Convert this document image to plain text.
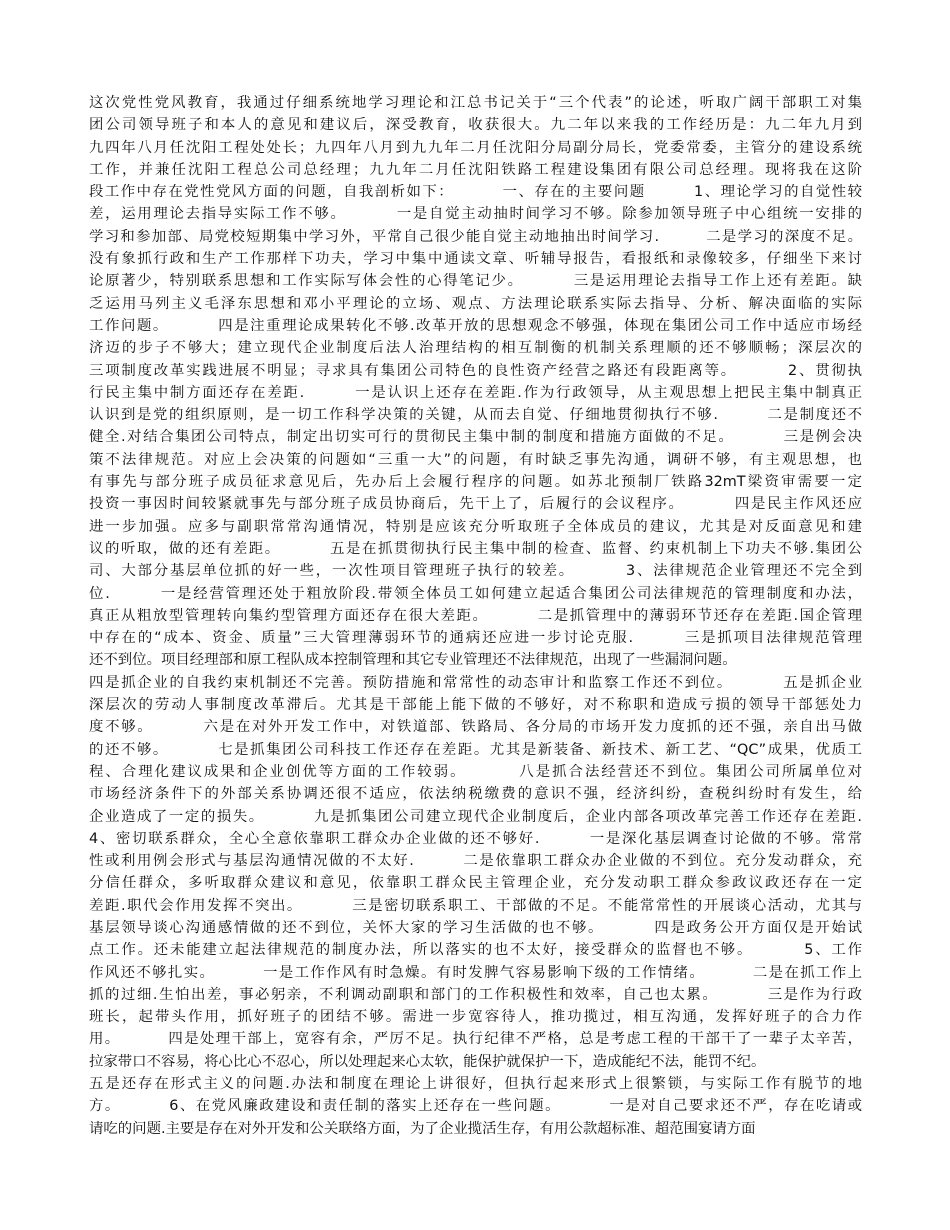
这次党性党风教育，我通过仔细系统地学习理论和江总书记关于“三个代表”的论述，听取广阔干部职工对集
团公司领导班子和本人的意见和建议后，深受教育，收获很大。九二年以来我的工作经历是：九二年九月到
九四年八月任沈阳工程处处长；九四年八月到九九年二月任沈阳分局副分局长，党委常委，主管分的建设系统
工作，并兼任沈阳工程总公司总经理；九九年二月任沈阳铁路工程建设集团有限公司总经理。现将我在这阶
段工作中存在党性党风方面的问题，自我剖析如下：        一、存在的主要问题        1、理论学习的自觉性较
差，运用理论去指导实际工作不够。        一是自觉主动抽时间学习不够。除参加领导班子中心组统一安排的
学习和参加部、局党校短期集中学习外，平常自己很少能自觉主动地抽出时间学习.        二是学习的深度不足。
没有象抓行政和生产工作那样下功夫，学习中集中通读文章、听辅导报告，看报纸和录像较多，仔细坐下来讨
论原著少，特别联系思想和工作实际写体会性的心得笔记少。        三是运用理论去指导工作上还有差距。缺
乏运用马列主义毛泽东思想和邓小平理论的立场、观点、方法理论联系实际去指导、分析、解决面临的实际
工作问题。        四是注重理论成果转化不够.改革开放的思想观念不够强，体现在集团公司工作中适应市场经
济迈的步子不够大；建立现代企业制度后法人治理结构的相互制衡的机制关系理顺的还不够顺畅；深层次的
三项制度改革实践进展不明显；寻求具有集团公司特色的良性资产经营之路还有段距离等。        2、贯彻执
行民主集中制方面还存在差距.        一是认识上还存在差距.作为行政领导，从主观思想上把民主集中制真正
认识到是党的组织原则，是一切工作科学决策的关键，从而去自觉、仔细地贯彻执行不够.        二是制度还不
健全.对结合集团公司特点，制定出切实可行的贯彻民主集中制的制度和措施方面做的不足。        三是例会决
策不法律规范。对应上会决策的问题如“三重一大”的问题，有时缺乏事先沟通，调研不够，有主观思想，也
有事先与部分班子成员征求意见后，先办后上会履行程序的问题。如苏北预制厂铁路32mT梁资审需要一定
投资一事因时间较紧就事先与部分班子成员协商后，先干上了，后履行的会议程序。        四是民主作风还应
进一步加强。应多与副职常常沟通情况，特别是应该充分听取班子全体成员的建议，尤其是对反面意见和建
议的听取，做的还有差距。        五是在抓贯彻执行民主集中制的检查、监督、约束机制上下功夫不够.集团公
司、大部分基层单位抓的好一些，一次性项目管理班子执行的较差。        3、法律规范企业管理还不完全到
位.        一是经营管理还处于粗放阶段.带领全体员工如何建立起适合集团公司法律规范的管理制度和办法，
真正从粗放型管理转向集约型管理方面还存在很大差距。        二是抓管理中的薄弱环节还存在差距.国企管理
中存在的“成本、资金、质量”三大管理薄弱环节的通病还应进一步讨论克服.        三是抓项目法律规范管理
还不到位。项目经理部和原工程队成本控制管理和其它专业管理还不法律规范，出现了一些漏洞问题。
四是抓企业的自我约束机制还不完善。预防措施和常常性的动态审计和监察工作还不到位。        五是抓企业
深层次的劳动人事制度改革滞后。尤其是干部能上能下做的不够好，对不称职和造成亏损的领导干部惩处力
度不够。        六是在对外开发工作中，对铁道部、铁路局、各分局的市场开发力度抓的还不强，亲自出马做
的还不够。        七是抓集团公司科技工作还存在差距。尤其是新装备、新技术、新工艺、“QC”成果，优质工
程、合理化建议成果和企业创优等方面的工作较弱。        八是抓合法经营还不到位。集团公司所属单位对
市场经济条件下的外部关系协调还很不适应，依法纳税缴费的意识不强，经济纠纷，查税纠纷时有发生，给
企业造成了一定的损失。        九是抓集团公司建立现代企业制度后，企业内部各项改革完善工作还存在差距.
4、密切联系群众，全心全意依靠职工群众办企业做的还不够好.        一是深化基层调查讨论做的不够。常常
性或利用例会形式与基层沟通情况做的不太好.        二是依靠职工群众办企业做的不到位。充分发动群众，充
分信任群众，多听取群众建议和意见，依靠职工群众民主管理企业，充分发动职工群众参政议政还存在一定
差距.职代会作用发挥不突出。        三是密切联系职工、干部做的不足。不能常常性的开展谈心活动，尤其与
基层领导谈心沟通感情做的还不到位，关怀大家的学习生活做的也不够。        四是政务公开方面仅是开始试
点工作。还未能建立起法律规范的制度办法，所以落实的也不太好，接受群众的监督也不够。        5、工作
作风还不够扎实。        一是工作作风有时急燥。有时发脾气容易影响下级的工作情绪。        二是在抓工作上
抓的过细.生怕出差，事必躬亲，不利调动副职和部门的工作积极性和效率，自己也太累。        三是作为行政
班长，起带头作用，抓好班子的团结不够。需进一步宽容待人，推功揽过，相互沟通，发挥好班子的合力作
用。        四是处理干部上，宽容有余，严厉不足。执行纪律不严格，总是考虑工程的干部干了一辈子太辛苦，
拉家带口不容易，将心比心不忍心，所以处理起来心太软，能保护就保护一下，造成能纪不法，能罚不纪。
五是还存在形式主义的问题.办法和制度在理论上讲很好，但执行起来形式上很繁锁，与实际工作有脱节的地
方。        6、在党风廉政建设和责任制的落实上还存在一些问题。        一是对自己要求还不严，存在吃请或
请吃的问题.主要是存在对外开发和公关联络方面，为了企业揽活生存，有用公款超标准、超范围宴请方面
